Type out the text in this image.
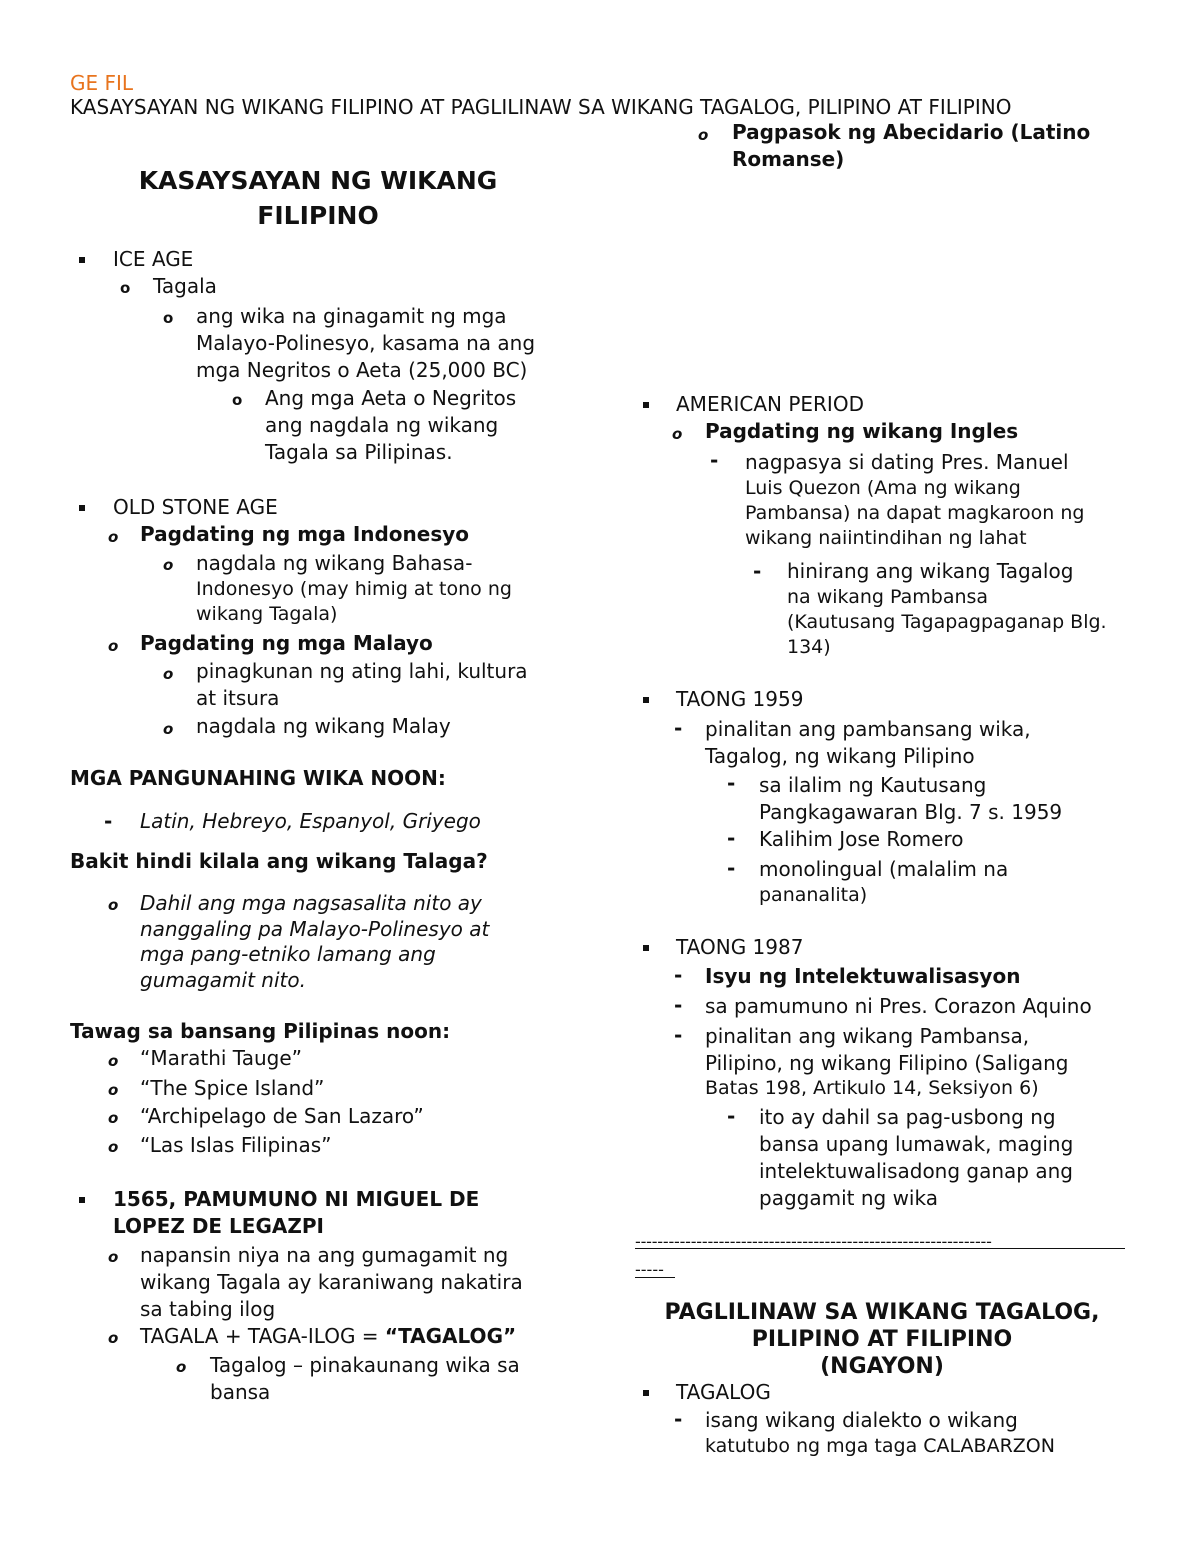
GE FIL
KASAYSAYAN NG WIKANG FILIPINO AT PAGLILINAW SA WIKANG TAGALOG, PILIPINO AT FILIPINO
KASAYSAYAN NG WIKANG
FILIPINO
ICE AGE
o Tagala
o ang wika na ginagamit ng mga
Malayo-Polinesyo, kasama na ang
mga Negritos o Aeta (25,000 BC)
o Ang mga Aeta o Negritos
ang nagdala ng wikang
Tagala sa Pilipinas.
OLD STONE AGE
o Pagdating ng mga Indonesyo
o nagdala ng wikang Bahasa-
Indonesyo (may himig at tono ng
wikang Tagala)
o Pagdating ng mga Malayo
o pinagkunan ng ating lahi, kultura
at itsura
o nagdala ng wikang Malay
MGA PANGUNAHING WIKA NOON:
- Latin, Hebreyo, Espanyol, Griyego
Bakit hindi kilala ang wikang Talaga?
o Dahil ang mga nagsasalita nito ay
nanggaling pa Malayo-Polinesyo at
mga pang-etniko lamang ang
gumagamit nito.
Tawag sa bansang Pilipinas noon:
o “Marathi Tauge”
o “The Spice Island”
o “Archipelago de San Lazaro”
o “Las Islas Filipinas”
1565, PAMUMUNO NI MIGUEL DE
LOPEZ DE LEGAZPI
o napansin niya na ang gumagamit ng
wikang Tagala ay karaniwang nakatira
sa tabing ilog
o TAGALA + TAGA-ILOG = “TAGALOG”
o Tagalog – pinakaunang wika sa
bansa
o Pagpasok ng Abecidario (Latino
Romanse)
AMERICAN PERIOD
o Pagdating ng wikang Ingles
- nagpasya si dating Pres. Manuel
Luis Quezon (Ama ng wikang
Pambansa) na dapat magkaroon ng
wikang naiintindihan ng lahat
- hinirang ang wikang Tagalog
na wikang Pambansa
(Kautusang Tagapagpaganap Blg.
134)
TAONG 1959
- pinalitan ang pambansang wika,
Tagalog, ng wikang Pilipino
- sa ilalim ng Kautusang
Pangkagawaran Blg. 7 s. 1959
- Kalihim Jose Romero
- monolingual (malalim na
pananalita)
TAONG 1987
- Isyu ng Intelektuwalisasyon
- sa pamumuno ni Pres. Corazon Aquino
- pinalitan ang wikang Pambansa,
Pilipino, ng wikang Filipino (Saligang
Batas 198, Artikulo 14, Seksiyon 6)
- ito ay dahil sa pag-usbong ng
bansa upang lumawak, maging
intelektuwalisadong ganap ang
paggamit ng wika
----------------------------------------------------------------
-----
PAGLILINAW SA WIKANG TAGALOG,
PILIPINO AT FILIPINO
(NGAYON)
TAGALOG
- isang wikang dialekto o wikang
katutubo ng mga taga CALABARZON
